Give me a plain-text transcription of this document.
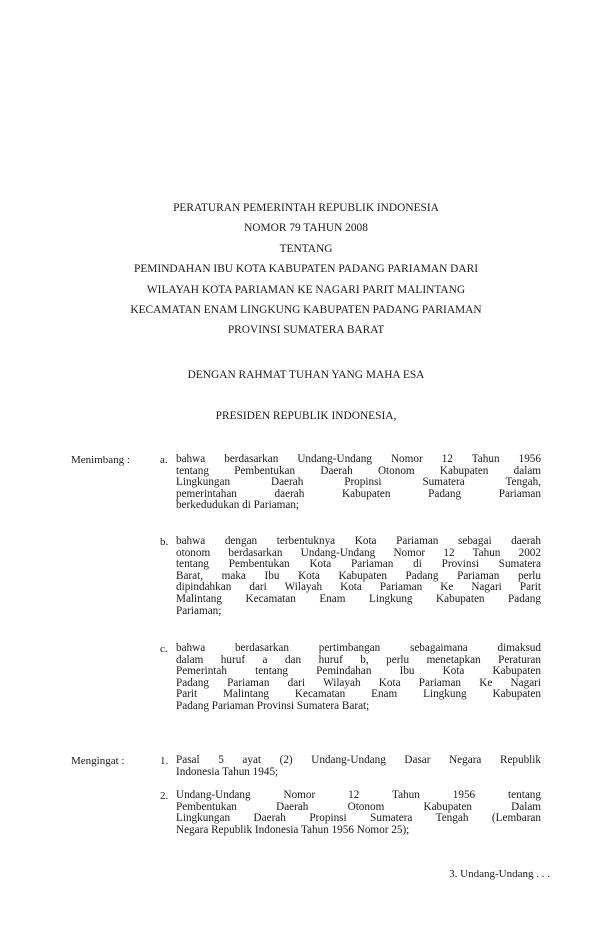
PERATURAN PEMERINTAH REPUBLIK INDONESIA
NOMOR 79 TAHUN 2008
TENTANG
PEMINDAHAN IBU KOTA KABUPATEN PADANG PARIAMAN DARI
WILAYAH KOTA PARIAMAN KE NAGARI PARIT MALINTANG
KECAMATAN ENAM LINGKUNG KABUPATEN PADANG PARIAMAN
PROVINSI SUMATERA BARAT
DENGAN RAHMAT TUHAN YANG MAHA ESA
PRESIDEN REPUBLIK INDONESIA,
Menimbang :	a. bahwa berdasarkan Undang-Undang Nomor 12 Tahun 1956
tentang Pembentukan Daerah Otonom Kabupaten dalam
Lingkungan Daerah Propinsi Sumatera Tengah,
pemerintahan daerah Kabupaten Padang Pariaman
berkedudukan di Pariaman;
b. bahwa dengan terbentuknya Kota Pariaman sebagai daerah
otonom berdasarkan Undang-Undang Nomor 12 Tahun 2002
tentang Pembentukan Kota Pariaman di Provinsi Sumatera
Barat, maka Ibu Kota Kabupaten Padang Pariaman perlu
dipindahkan dari Wilayah Kota Pariaman Ke Nagari Parit
Malintang Kecamatan Enam Lingkung Kabupaten Padang
Pariaman;
c. bahwa berdasarkan pertimbangan sebagaimana dimaksud
dalam huruf a dan huruf b, perlu menetapkan Peraturan
Pemerintah tentang Pemindahan Ibu Kota Kabupaten
Padang Pariaman dari Wilayah Kota Pariaman Ke Nagari
Parit Malintang Kecamatan Enam Lingkung Kabupaten
Padang Pariaman Provinsi Sumatera Barat;
Mengingat :	1. Pasal 5 ayat (2) Undang-Undang Dasar Negara Republik
Indonesia Tahun 1945;
2. Undang-Undang Nomor 12 Tahun 1956 tentang
Pembentukan Daerah Otonom Kabupaten Dalam
Lingkungan Daerah Propinsi Sumatera Tengah (Lembaran
Negara Republik Indonesia Tahun 1956 Nomor 25);
3. Undang-Undang . . .
